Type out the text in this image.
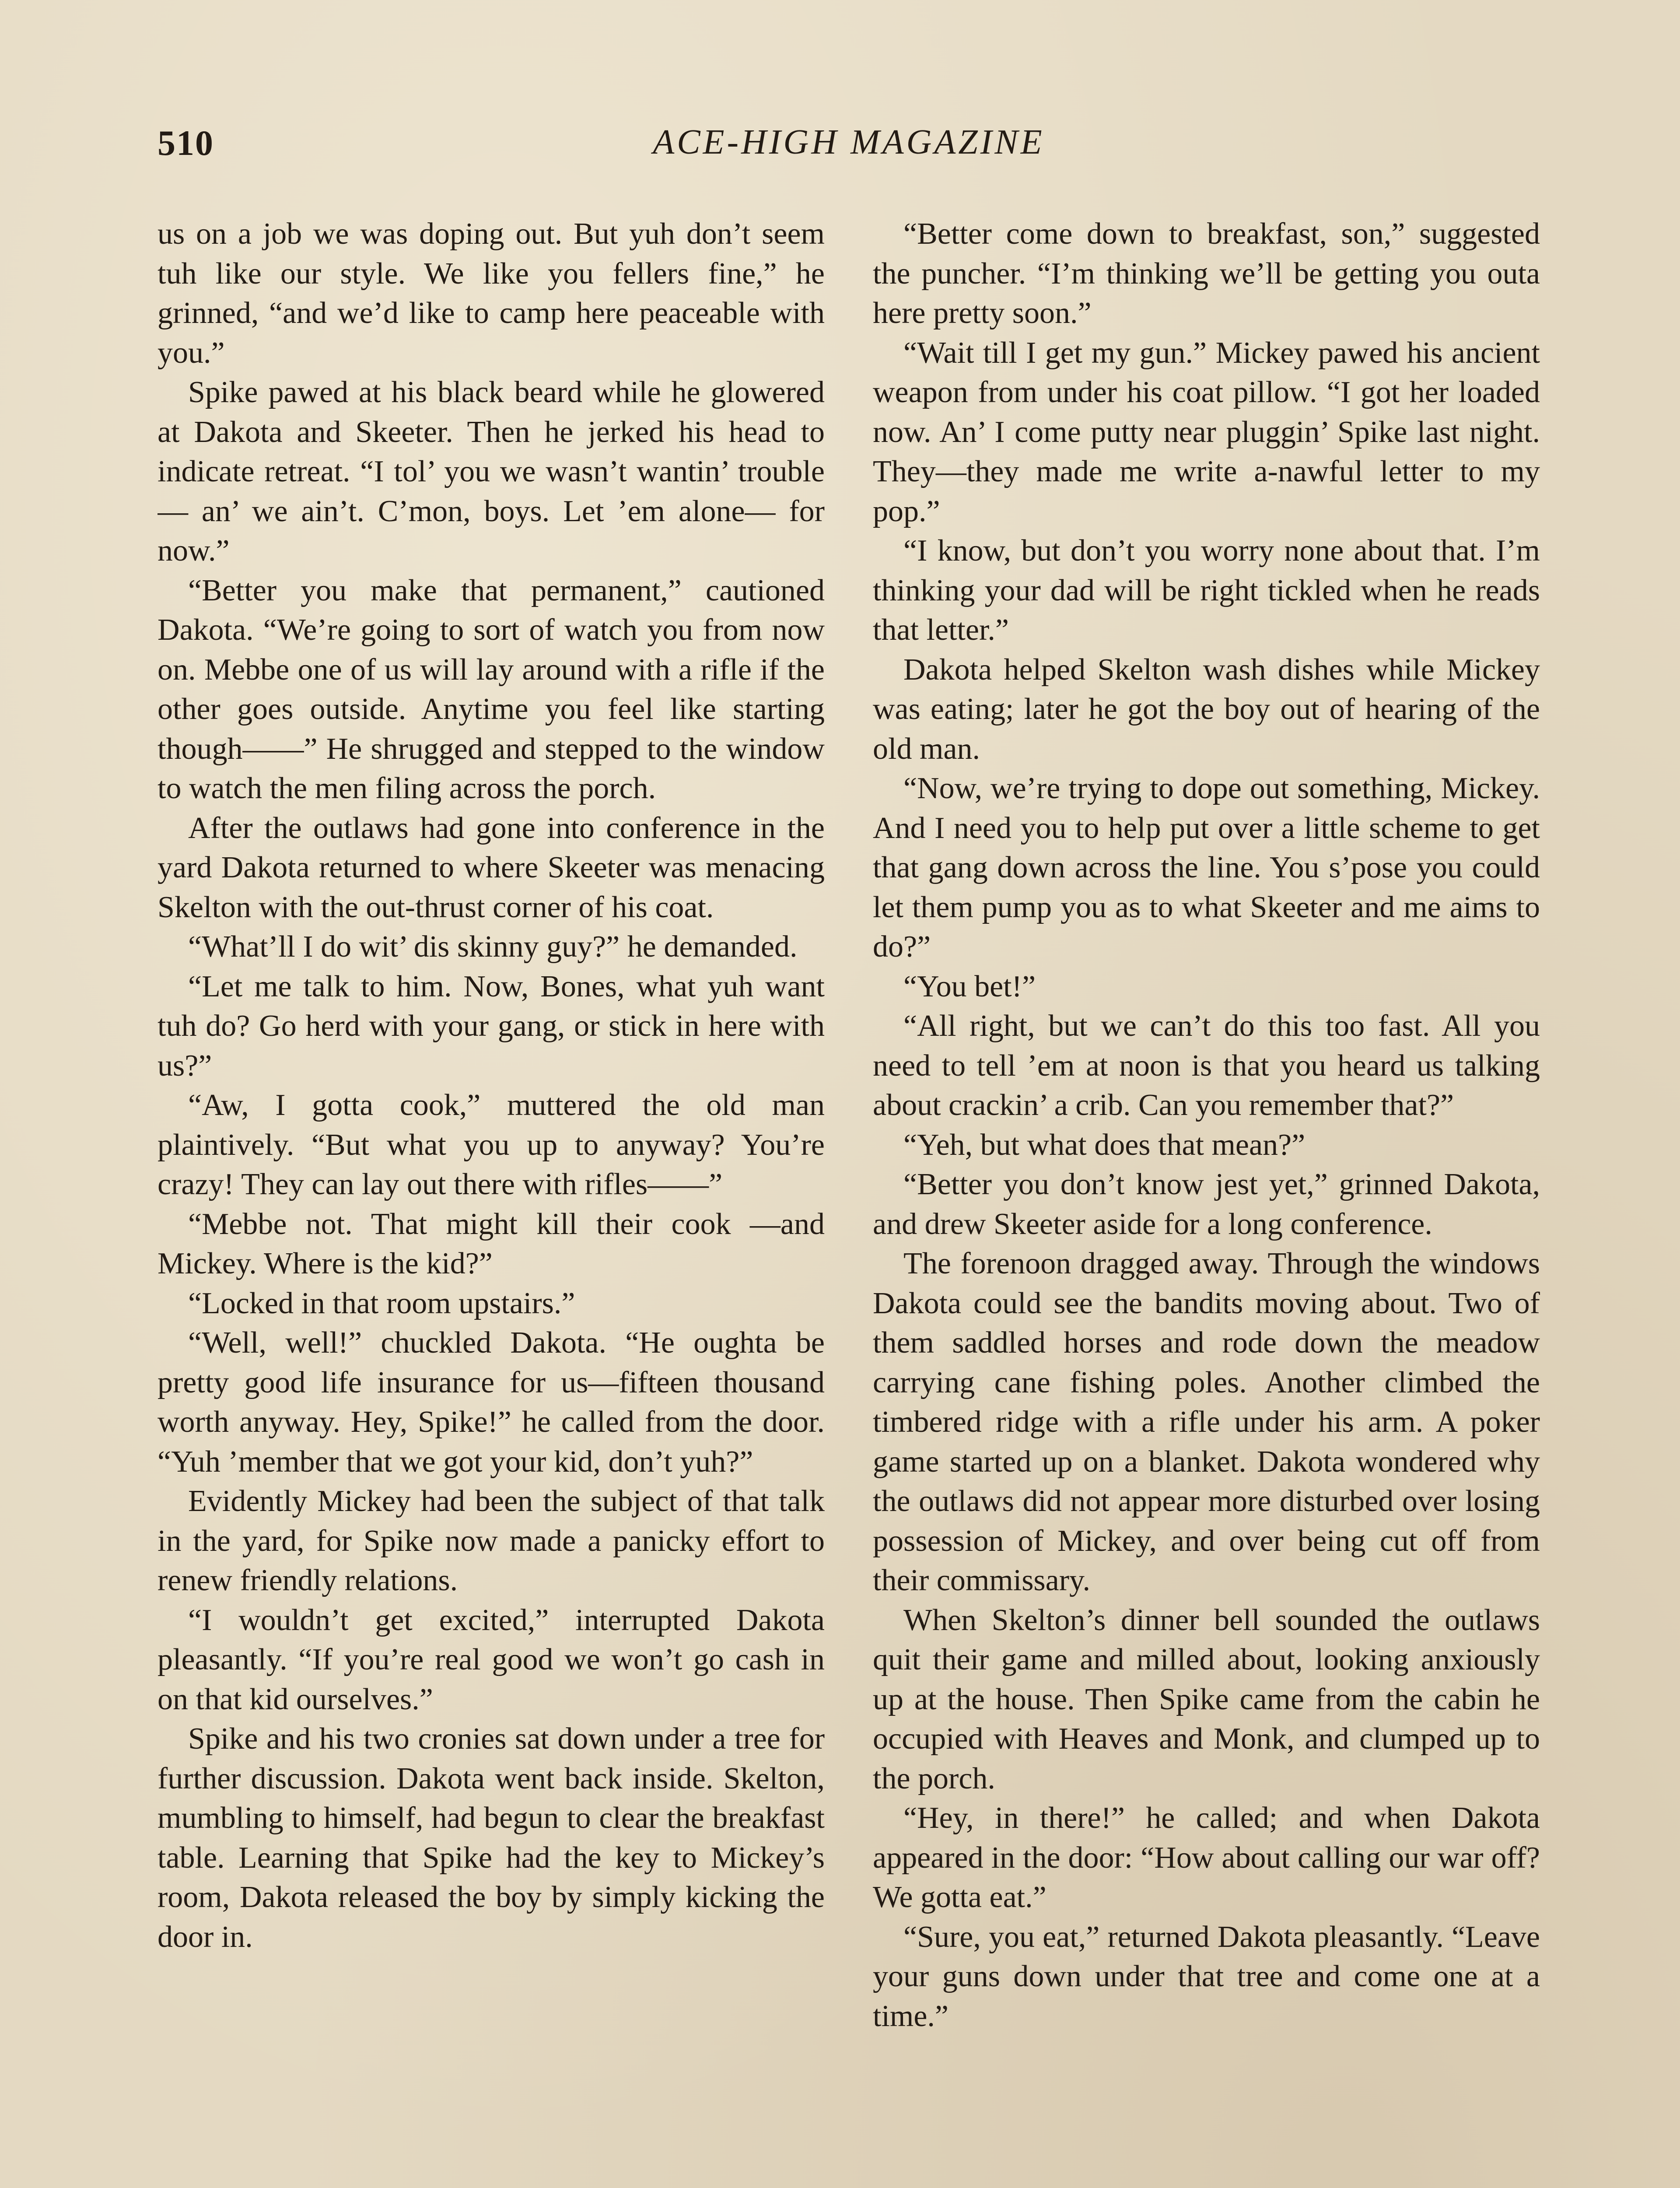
510	ACE-HIGH MAGAZINE

us on a job we was doping out. But yuh don’t seem tuh like our style. We like you fellers fine,” he grinned, “and we’d like to camp here peaceable with you.”

Spike pawed at his black beard while he glowered at Dakota and Skeeter. Then he jerked his head to indicate retreat. “I tol’ you we wasn’t wantin’ trouble — an’ we ain’t. C’mon, boys. Let ’em alone— for now.”

“Better you make that permanent,” cautioned Dakota. “We’re going to sort of watch you from now on. Mebbe one of us will lay around with a rifle if the other goes outside. Anytime you feel like starting though——” He shrugged and stepped to the window to watch the men filing across the porch.

After the outlaws had gone into conference in the yard Dakota returned to where Skeeter was menacing Skelton with the out-thrust corner of his coat.

“What’ll I do wit’ dis skinny guy?” he demanded.

“Let me talk to him. Now, Bones, what yuh want tuh do? Go herd with your gang, or stick in here with us?”

“Aw, I gotta cook,” muttered the old man plaintively. “But what you up to anyway? You’re crazy! They can lay out there with rifles——”

“Mebbe not. That might kill their cook —and Mickey. Where is the kid?”

“Locked in that room upstairs.”

“Well, well!” chuckled Dakota. “He oughta be pretty good life insurance for us—fifteen thousand worth anyway. Hey, Spike!” he called from the door. “Yuh ’member that we got your kid, don’t yuh?”

Evidently Mickey had been the subject of that talk in the yard, for Spike now made a panicky effort to renew friendly relations.

“I wouldn’t get excited,” interrupted Dakota pleasantly. “If you’re real good we won’t go cash in on that kid ourselves.”

Spike and his two cronies sat down under a tree for further discussion. Dakota went back inside. Skelton, mumbling to himself, had begun to clear the breakfast table. Learning that Spike had the key to Mickey’s room, Dakota released the boy by simply kicking the door in.

“Better come down to breakfast, son,” suggested the puncher. “I’m thinking we’ll be getting you outa here pretty soon.”

“Wait till I get my gun.” Mickey pawed his ancient weapon from under his coat pillow. “I got her loaded now. An’ I come putty near pluggin’ Spike last night. They—they made me write a-nawful letter to my pop.”

“I know, but don’t you worry none about that. I’m thinking your dad will be right tickled when he reads that letter.”

Dakota helped Skelton wash dishes while Mickey was eating; later he got the boy out of hearing of the old man.

“Now, we’re trying to dope out something, Mickey. And I need you to help put over a little scheme to get that gang down across the line. You s’pose you could let them pump you as to what Skeeter and me aims to do?”

“You bet!”

“All right, but we can’t do this too fast. All you need to tell ’em at noon is that you heard us talking about crackin’ a crib. Can you remember that?”

“Yeh, but what does that mean?”

“Better you don’t know jest yet,” grinned Dakota, and drew Skeeter aside for a long conference.

The forenoon dragged away. Through the windows Dakota could see the bandits moving about. Two of them saddled horses and rode down the meadow carrying cane fishing poles. Another climbed the timbered ridge with a rifle under his arm. A poker game started up on a blanket. Dakota wondered why the outlaws did not appear more disturbed over losing possession of Mickey, and over being cut off from their commissary.

When Skelton’s dinner bell sounded the outlaws quit their game and milled about, looking anxiously up at the house. Then Spike came from the cabin he occupied with Heaves and Monk, and clumped up to the porch.

“Hey, in there!” he called; and when Dakota appeared in the door: “How about calling our war off? We gotta eat.”

“Sure, you eat,” returned Dakota pleasantly. “Leave your guns down under that tree and come one at a time.”
